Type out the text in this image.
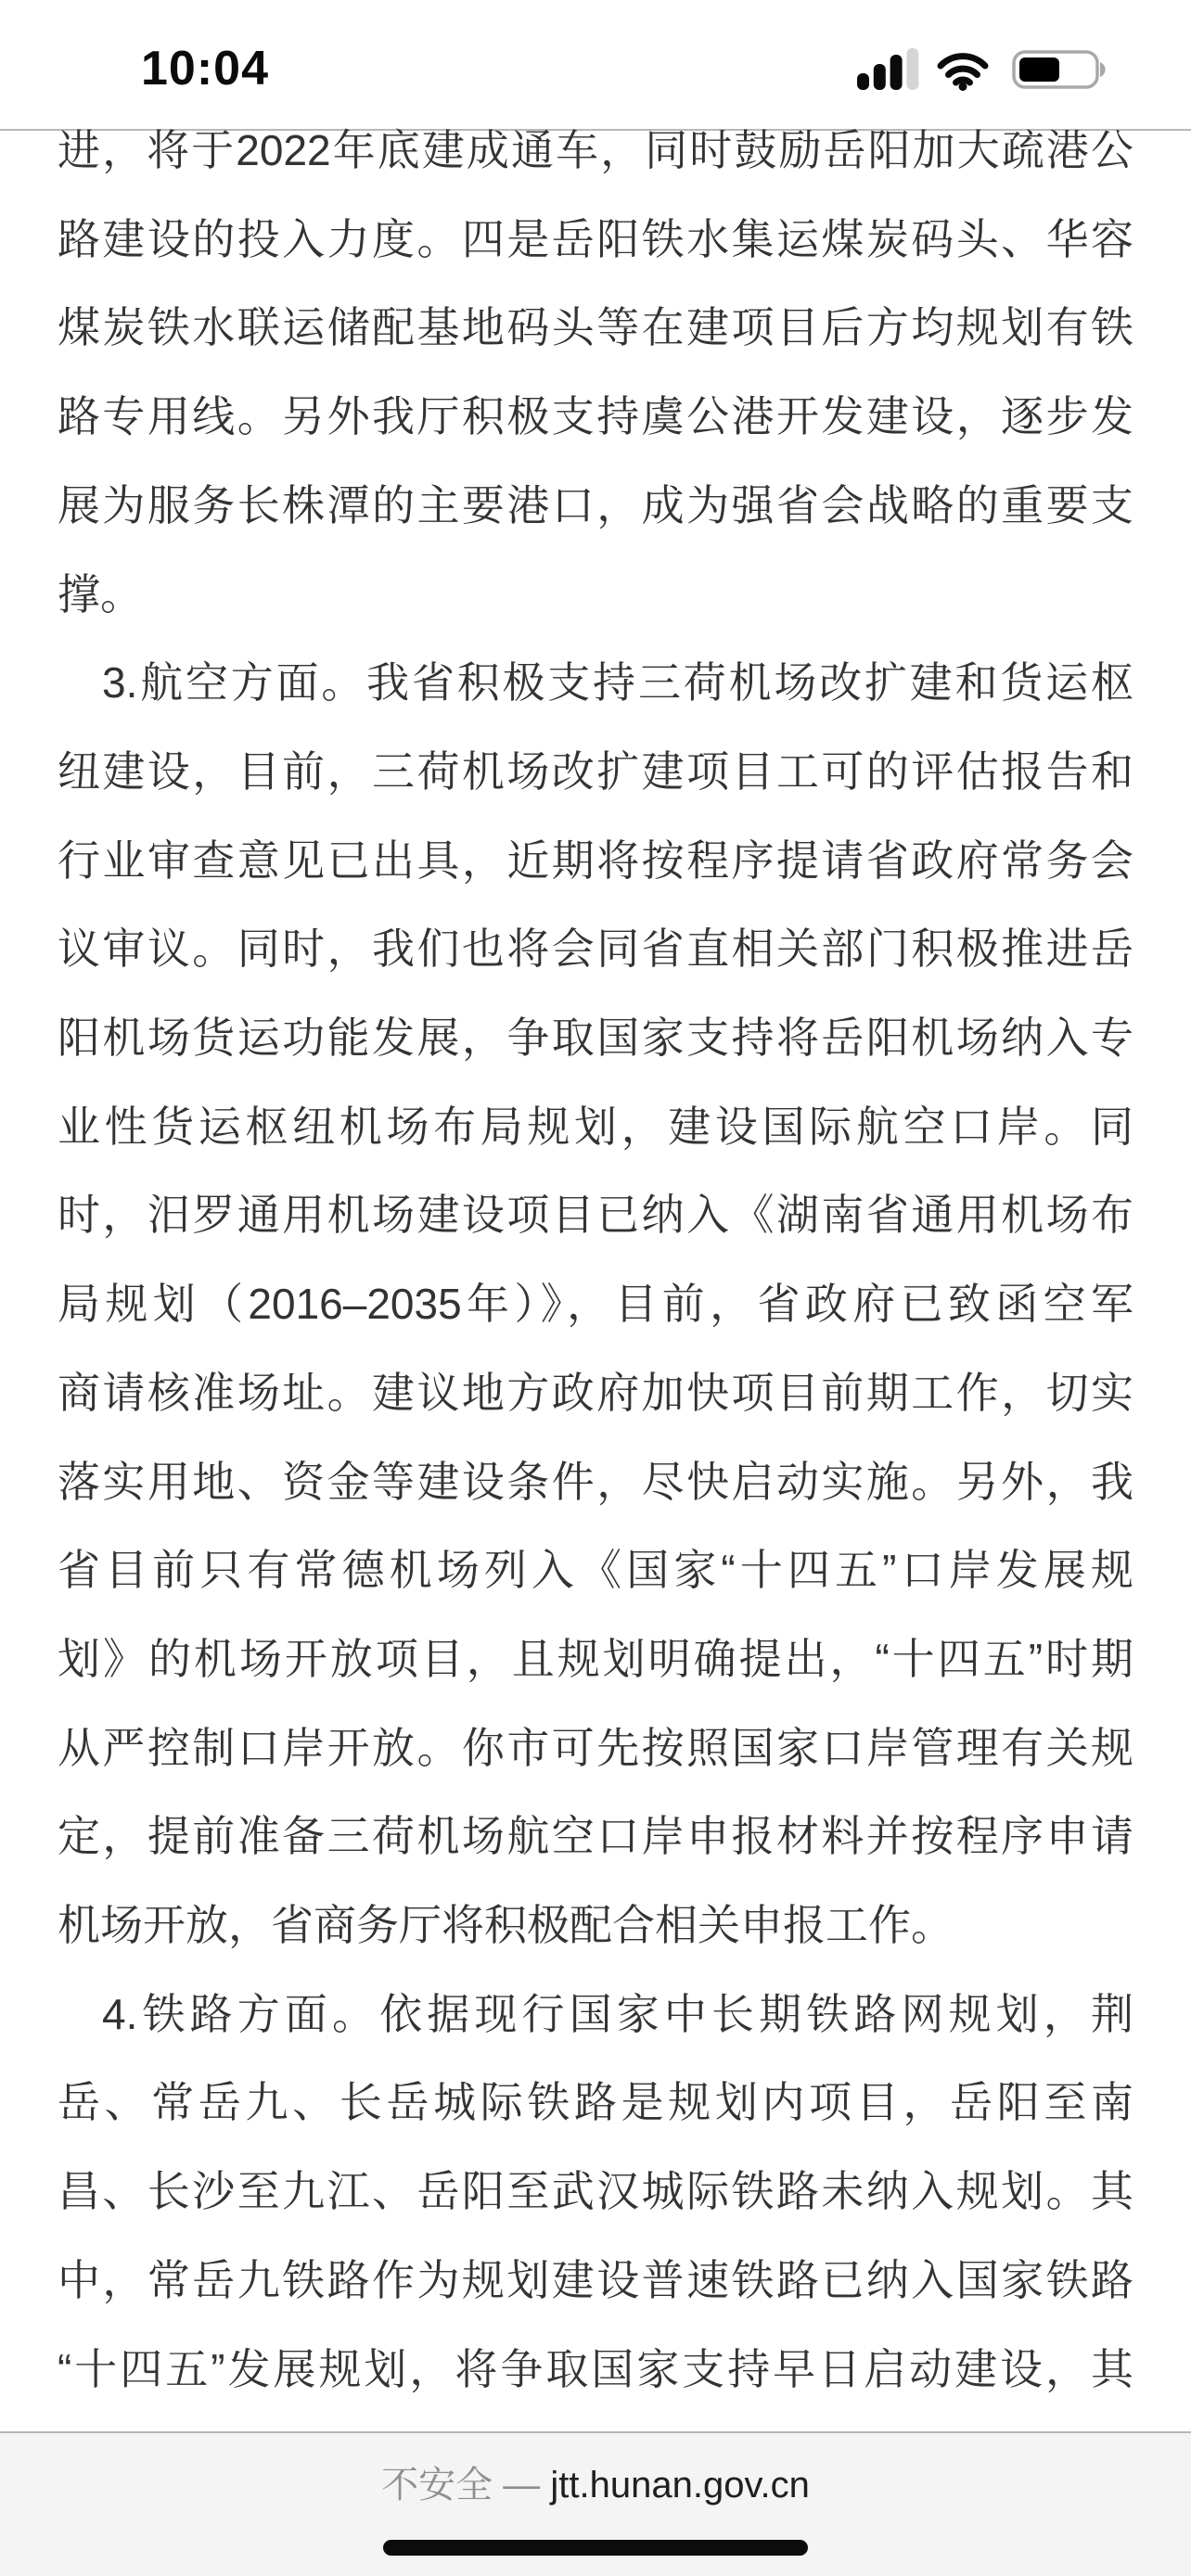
10:04
进，将于2022年底建成通车，同时鼓励岳阳加大疏港公
路建设的投入力度。四是岳阳铁水集运煤炭码头、华容
煤炭铁水联运储配基地码头等在建项目后方均规划有铁
路专用线。另外我厅积极支持虞公港开发建设，逐步发
展为服务长株潭的主要港口，成为强省会战略的重要支
撑。
3.航空方面。我省积极支持三荷机场改扩建和货运枢
纽建设，目前，三荷机场改扩建项目工可的评估报告和
行业审查意见已出具，近期将按程序提请省政府常务会
议审议。同时，我们也将会同省直相关部门积极推进岳
阳机场货运功能发展，争取国家支持将岳阳机场纳入专
业性货运枢纽机场布局规划，建设国际航空口岸。同
时，汨罗通用机场建设项目已纳入《湖南省通用机场布
局规划（2016–2035年）》，目前，省政府已致函空军
商请核准场址。建议地方政府加快项目前期工作，切实
落实用地、资金等建设条件，尽快启动实施。另外，我
省目前只有常德机场列入《国家“十四五”口岸发展规
划》的机场开放项目，且规划明确提出，“十四五”时期
从严控制口岸开放。你市可先按照国家口岸管理有关规
定，提前准备三荷机场航空口岸申报材料并按程序申请
机场开放，省商务厅将积极配合相关申报工作。
4.铁路方面。依据现行国家中长期铁路网规划，荆
岳、常岳九、长岳城际铁路是规划内项目，岳阳至南
昌、长沙至九江、岳阳至武汉城际铁路未纳入规划。其
中，常岳九铁路作为规划建设普速铁路已纳入国家铁路
“十四五”发展规划，将争取国家支持早日启动建设，其
不安全 — jtt.hunan.gov.cn
